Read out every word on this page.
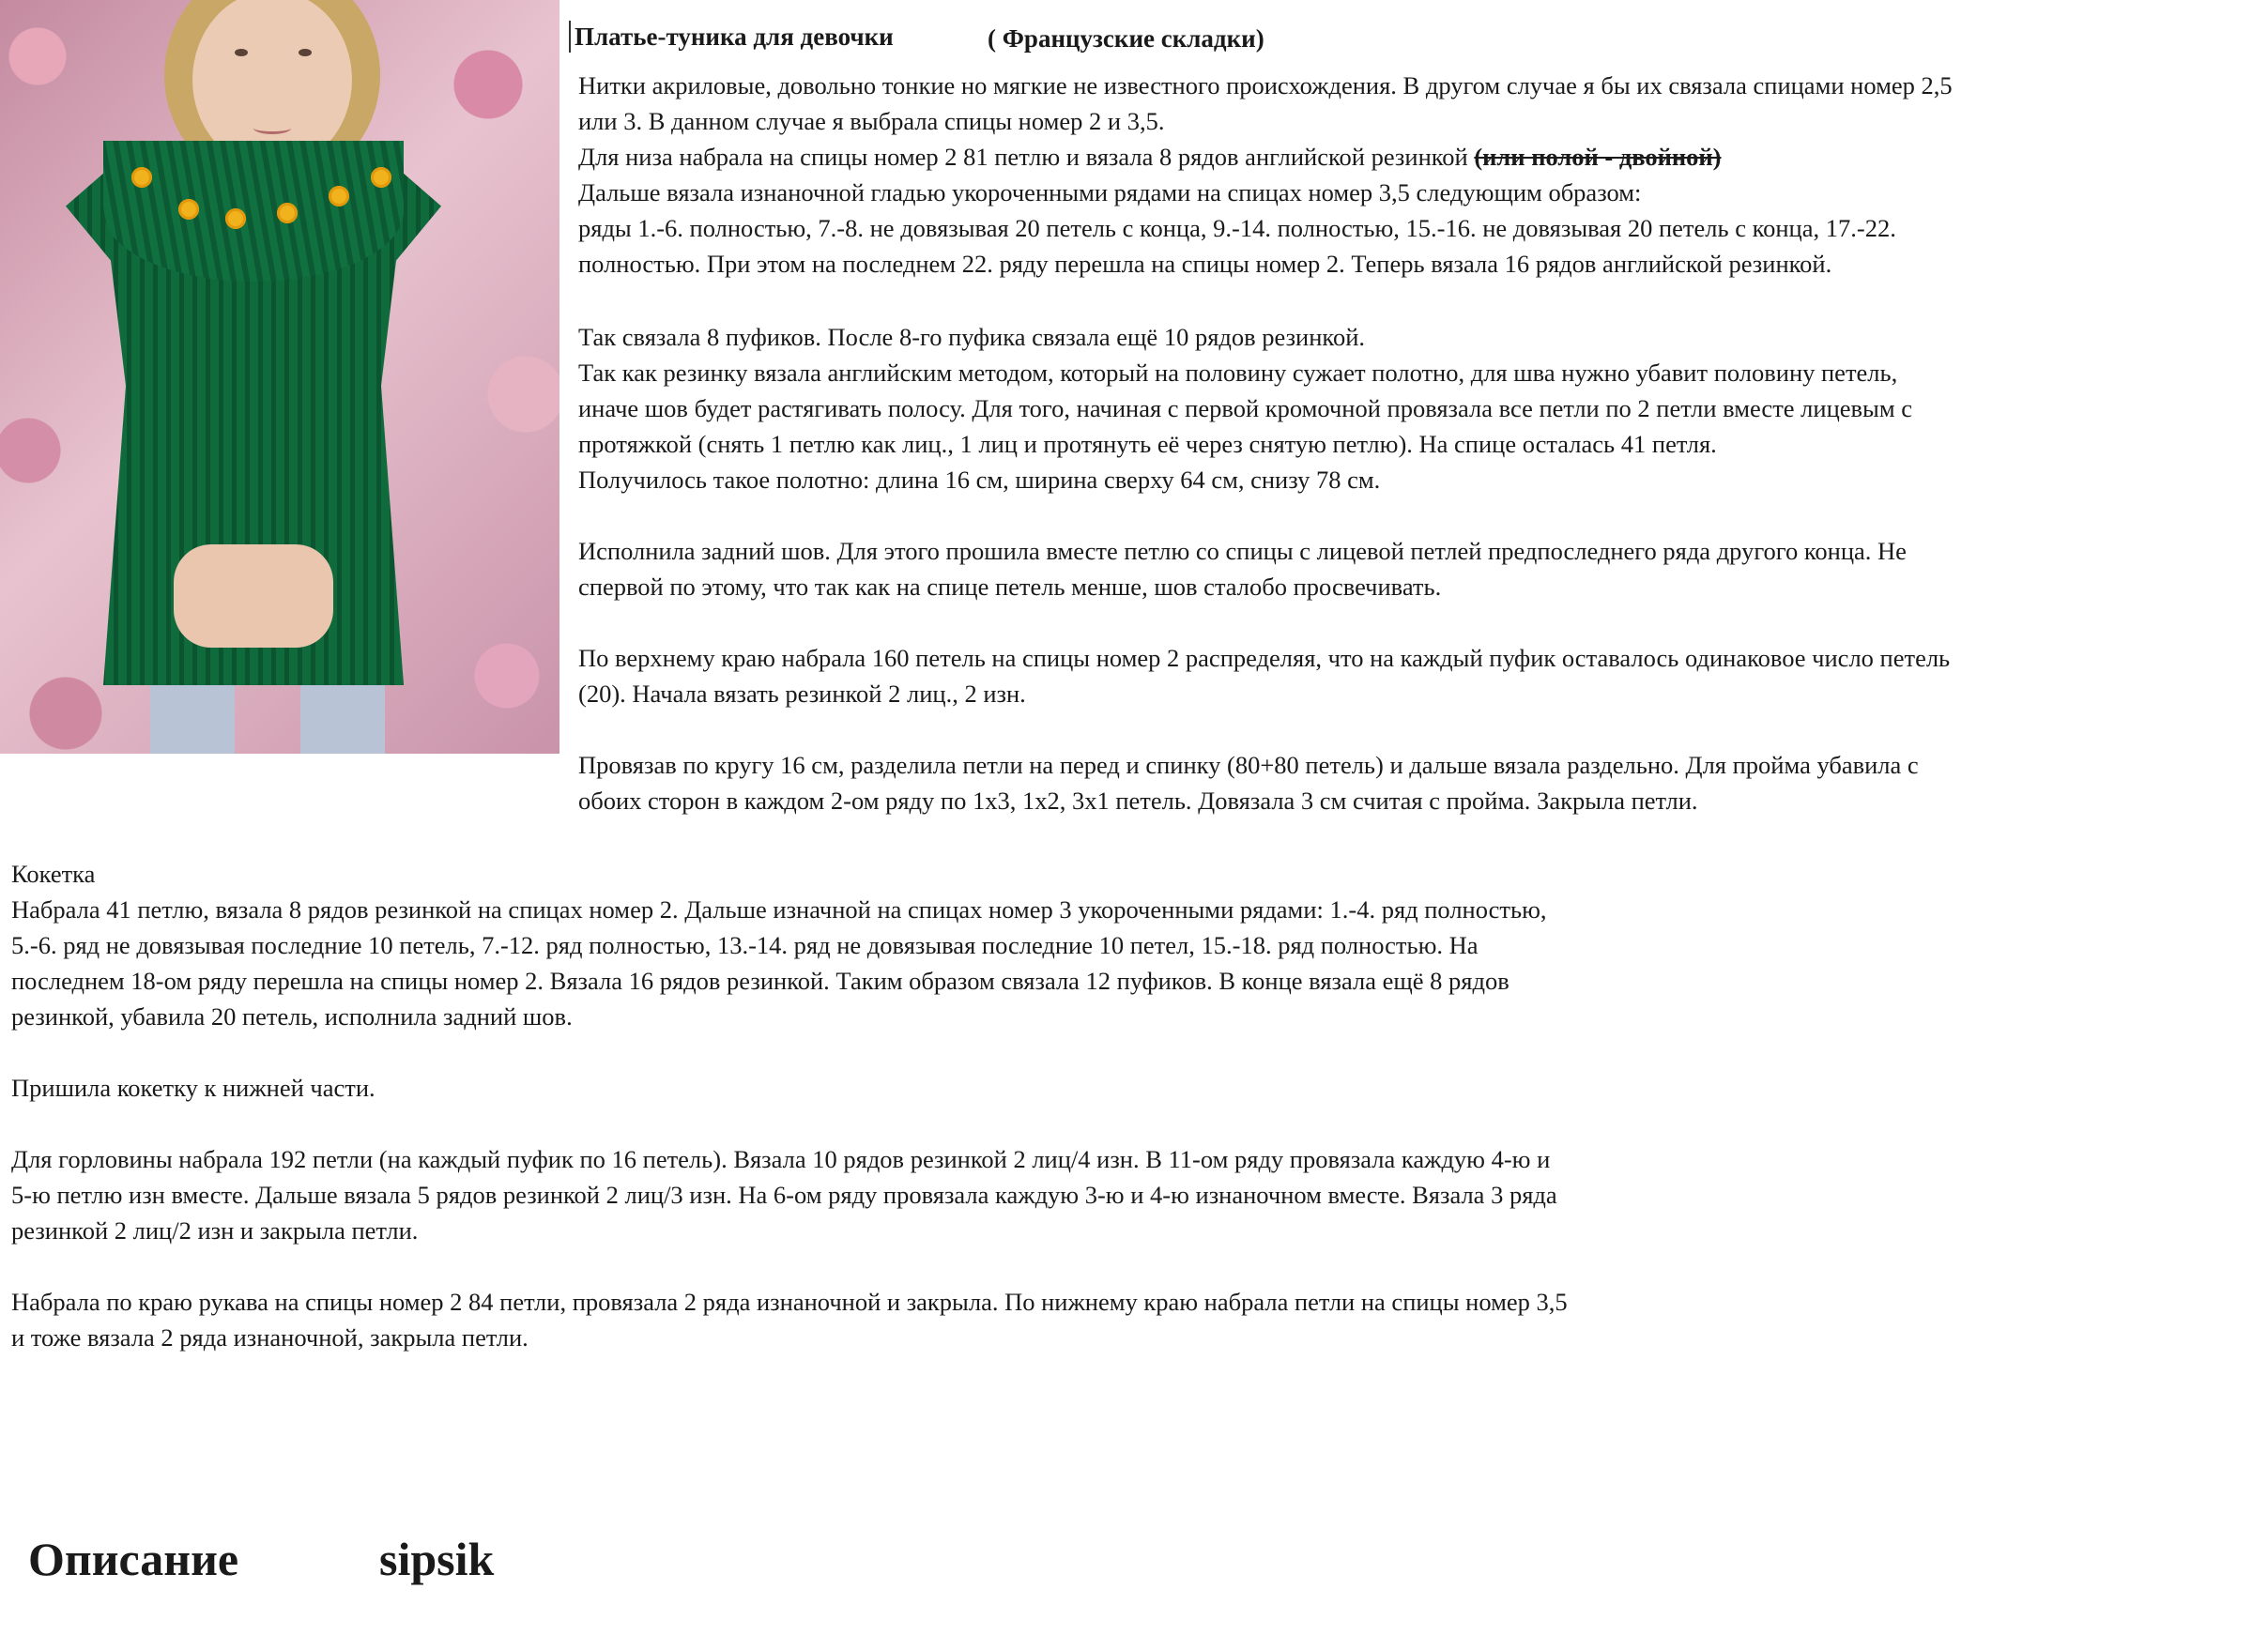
Платье-туника для девочки	( Французские складки)
Нитки акриловые, довольно тонкие но мягкие не известного происхождения. В другом случае я бы их связала спицами номер 2,5
или 3. В данном случае я выбрала спицы номер 2 и 3,5.
Для низа набрала на спицы номер 2 81 петлю и вязала 8 рядов английской резинкой (или полой - двойной)
Дальше вязала изнаночной гладью укороченными рядами на спицах номер 3,5 следующим образом:
ряды 1.-6. полностью, 7.-8. не довязывая 20 петель с конца, 9.-14. полностью, 15.-16. не довязывая 20 петель с конца, 17.-22.
полностью. При этом на последнем 22. ряду перешла на спицы номер 2. Теперь вязала 16 рядов английской резинкой.
Так связала 8 пуфиков. После 8-го пуфика связала ещё 10 рядов резинкой.
Так как резинку вязала английским методом, который на половину сужает полотно, для шва нужно убавит половину петель,
иначе шов будет растягивать полосу. Для того, начиная с первой кромочной провязала все петли по 2 петли вместе лицевым с
протяжкой (снять 1 петлю как лиц., 1 лиц и протянуть её через снятую петлю). На спице осталась 41 петля.
Получилось такое полотно: длина 16 см, ширина сверху 64 см, снизу 78 см.
Исполнила задний шов. Для этого прошила вместе петлю со спицы с лицевой петлей предпоследнего ряда другого конца. Не
спервой по этому, что так как на спице петель менше, шов сталобо просвечивать.
По верхнему краю набрала 160 петель на спицы номер 2 распределяя, что на каждый пуфик оставалось одинаковое число петель
(20). Начала вязать резинкой 2 лиц., 2 изн.
Провязав по кругу 16 см, разделила петли на перед и спинку (80+80 петель) и дальше вязала раздельно. Для пройма убавила с
обоих сторон в каждом 2-ом ряду по 1х3, 1х2, 3х1 петель. Довязала 3 см считая с пройма. Закрыла петли.
Кокетка
Набрала 41 петлю, вязала 8 рядов резинкой на спицах номер 2. Дальше изначной на спицах номер 3 укороченными рядами: 1.-4. ряд полностью,
5.-6. ряд не довязывая последние 10 петель, 7.-12. ряд полностью, 13.-14. ряд не довязывая последние 10 петел, 15.-18. ряд полностью. На
последнем 18-ом ряду перешла на спицы номер 2. Вязала 16 рядов резинкой. Таким образом связала 12 пуфиков. В конце вязала ещё 8 рядов
резинкой, убавила 20 петель, исполнила задний шов.
Пришила кокетку к нижней части.
Для горловины набрала 192 петли (на каждый пуфик по 16 петель). Вязала 10 рядов резинкой 2 лиц/4 изн. В 11-ом ряду провязала каждую 4-ю и
5-ю петлю изн вместе. Дальше вязала 5 рядов резинкой 2 лиц/3 изн. На 6-ом ряду провязала каждую 3-ю и 4-ю изнаночном вместе. Вязала 3 ряда
резинкой 2 лиц/2 изн и закрыла петли.
Набрала по краю рукава на спицы номер 2 84 петли, провязала 2 ряда изнаночной и закрыла. По нижнему краю набрала петли на спицы номер 3,5
и тоже вязала 2 ряда изнаночной, закрыла петли.
Описание	sipsik
